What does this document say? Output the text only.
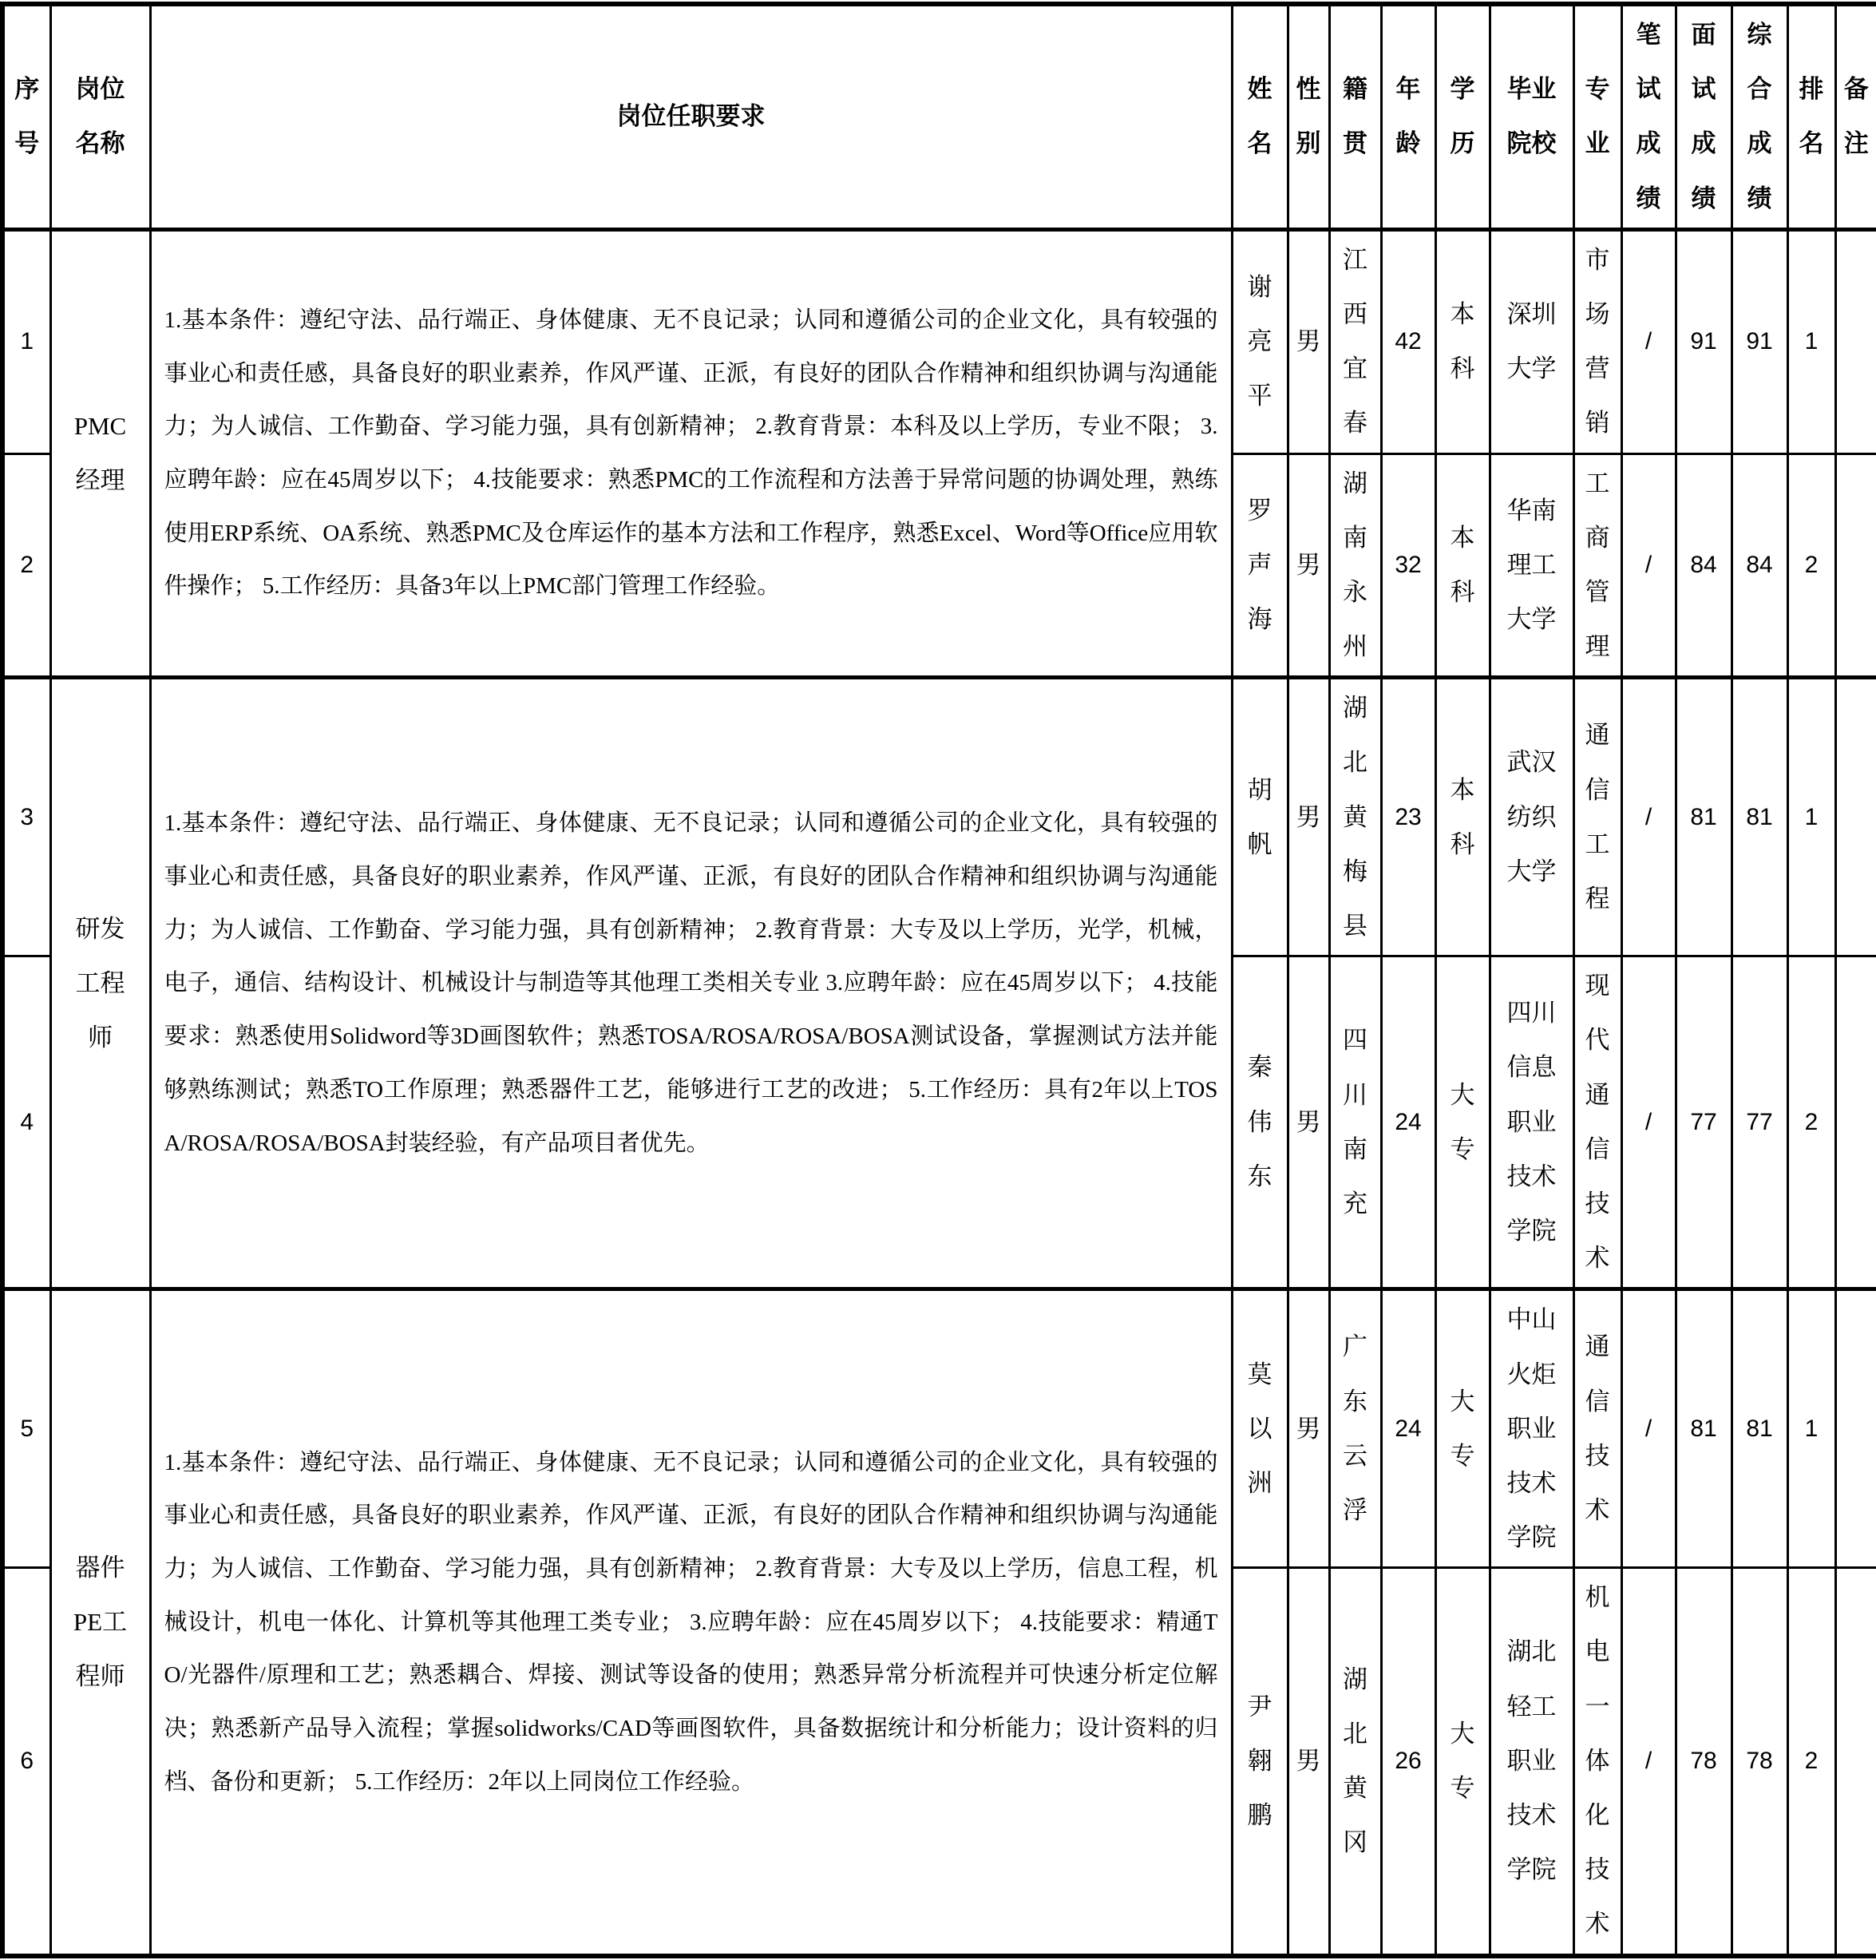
序号	岗位名称	岗位任职要求	姓名	性别	籍贯	年龄	学历	毕业院校	专业	笔试成绩	面试成绩	综合成绩	排名	备注
1	PMC经理	1.基本条件：遵纪守法、品行端正、身体健康、无不良记录；认同和遵循公司的企业文化，具有较强的事业心和责任感，具备良好的职业素养，作风严谨、正派，有良好的团队合作精神和组织协调与沟通能力；为人诚信、工作勤奋、学习能力强，具有创新精神； 2.教育背景：本科及以上学历，专业不限； 3.应聘年龄：应在45周岁以下； 4.技能要求：熟悉PMC的工作流程和方法善于异常问题的协调处理，熟练使用ERP系统、OA系统、熟悉PMC及仓库运作的基本方法和工作程序，熟悉Excel、Word等Office应用软件操作； 5.工作经历：具备3年以上PMC部门管理工作经验。	谢亮平	男	江西宜春	42	本科	深圳大学	市场营销	/	91	91	1	
2			罗声海	男	湖南永州	32	本科	华南理工大学	工商管理	/	84	84	2	
3	研发工程师	1.基本条件：遵纪守法、品行端正、身体健康、无不良记录；认同和遵循公司的企业文化，具有较强的事业心和责任感，具备良好的职业素养，作风严谨、正派，有良好的团队合作精神和组织协调与沟通能力；为人诚信、工作勤奋、学习能力强，具有创新精神； 2.教育背景：大专及以上学历，光学，机械，电子，通信、结构设计、机械设计与制造等其他理工类相关专业 3.应聘年龄：应在45周岁以下； 4.技能要求：熟悉使用Solidword等3D画图软件；熟悉TOSA/ROSA/ROSA/BOSA测试设备，掌握测试方法并能够熟练测试；熟悉TO工作原理；熟悉器件工艺，能够进行工艺的改进； 5.工作经历：具有2年以上TOSA/ROSA/ROSA/BOSA封装经验，有产品项目者优先。	胡帆	男	湖北黄梅县	23	本科	武汉纺织大学	通信工程	/	81	81	1	
4			秦伟东	男	四川南充	24	大专	四川信息职业技术学院	现代通信技术	/	77	77	2	
5	器件PE工程师	1.基本条件：遵纪守法、品行端正、身体健康、无不良记录；认同和遵循公司的企业文化，具有较强的事业心和责任感，具备良好的职业素养，作风严谨、正派，有良好的团队合作精神和组织协调与沟通能力；为人诚信、工作勤奋、学习能力强，具有创新精神； 2.教育背景：大专及以上学历，信息工程，机械设计，机电一体化、计算机等其他理工类专业； 3.应聘年龄：应在45周岁以下； 4.技能要求：精通TO/光器件/原理和工艺；熟悉耦合、焊接、测试等设备的使用；熟悉异常分析流程并可快速分析定位解决；熟悉新产品导入流程；掌握solidworks/CAD等画图软件，具备数据统计和分析能力；设计资料的归档、备份和更新； 5.工作经历：2年以上同岗位工作经验。	莫以洲	男	广东云浮	24	大专	中山火炬职业技术学院	通信技术	/	81	81	1	
6			尹翱鹏	男	湖北黄冈	26	大专	湖北轻工职业技术学院	机电一体化技术	/	78	78	2	
